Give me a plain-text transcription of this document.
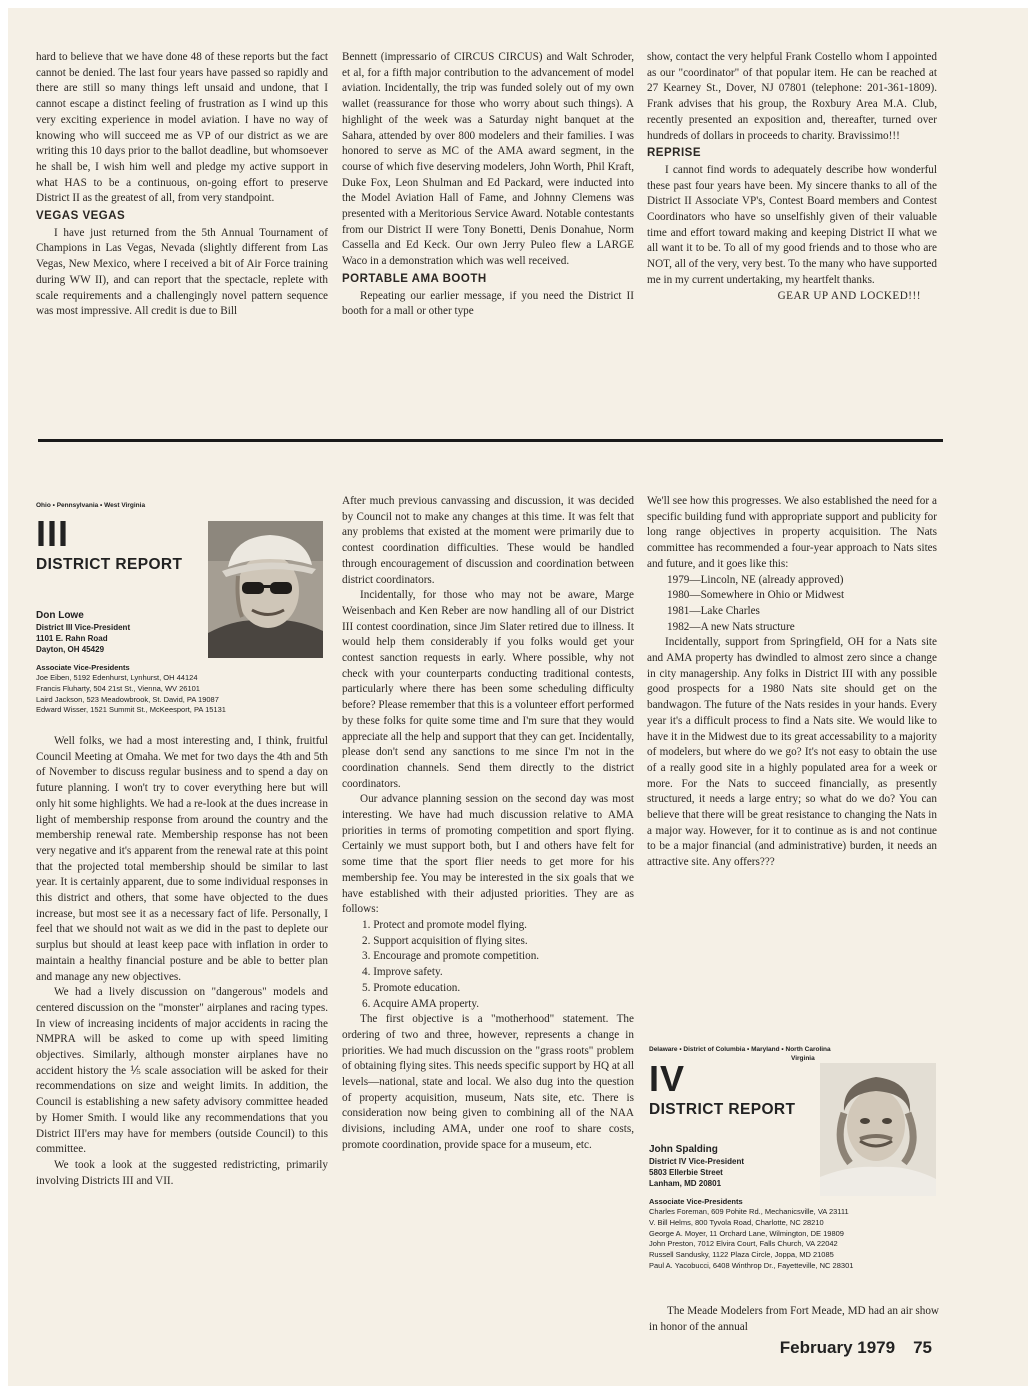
hard to believe that we have done 48 of these reports but the fact cannot be denied. The last four years have passed so rapidly and there are still so many things left unsaid and undone, that I cannot escape a distinct feeling of frustration as I wind up this very exciting experience in model aviation. I have no way of knowing who will succeed me as VP of our district as we are writing this 10 days prior to the ballot deadline, but whomsoever he shall be, I wish him well and pledge my active support in what HAS to be a continuous, on-going effort to preserve District II as the greatest of all, from very standpoint.

VEGAS VEGAS

I have just returned from the 5th Annual Tournament of Champions in Las Vegas, Nevada (slightly different from Las Vegas, New Mexico, where I received a bit of Air Force training during WW II), and can report that the spectacle, replete with scale requirements and a challengingly novel pattern sequence was most impressive. All credit is due to Bill

Bennett (impressario of CIRCUS CIRCUS) and Walt Schroder, et al, for a fifth major contribution to the advancement of model aviation. Incidentally, the trip was funded solely out of my own wallet (reassurance for those who worry about such things). A highlight of the week was a Saturday night banquet at the Sahara, attended by over 800 modelers and their families. I was honored to serve as MC of the AMA award segment, in the course of which five deserving modelers, John Worth, Phil Kraft, Duke Fox, Leon Shulman and Ed Packard, were inducted into the Model Aviation Hall of Fame, and Johnny Clemens was presented with a Meritorious Service Award. Notable contestants from our District II were Tony Bonetti, Denis Donahue, Norm Cassella and Ed Keck. Our own Jerry Puleo flew a LARGE Waco in a demonstration which was well received.

PORTABLE AMA BOOTH

Repeating our earlier message, if you need the District II booth for a mall or other type

show, contact the very helpful Frank Costello whom I appointed as our "coordinator" of that popular item. He can be reached at 27 Kearney St., Dover, NJ 07801 (telephone: 201-361-1809). Frank advises that his group, the Roxbury Area M.A. Club, recently presented an exposition and, thereafter, turned over hundreds of dollars in proceeds to charity. Bravissimo!!!

REPRISE

I cannot find words to adequately describe how wonderful these past four years have been. My sincere thanks to all of the District II Associate VP's, Contest Board members and Contest Coordinators who have so unselfishly given of their valuable time and effort toward making and keeping District II what we all want it to be. To all of my good friends and to those who are NOT, all of the very, very best. To the many who have supported me in my current undertaking, my heartfelt thanks.

GEAR UP AND LOCKED!!!

Ohio • Pennsylvania • West Virginia
III
DISTRICT REPORT
Don Lowe
District III Vice-President
1101 E. Rahn Road
Dayton, OH 45429
Associate Vice-Presidents
Joe Eiben, 5192 Edenhurst, Lynhurst, OH 44124
Francis Fluharty, 504 21st St., Vienna, WV 26101
Laird Jackson, 523 Meadowbrook, St. David, PA 19087
Edward Wisser, 1521 Summit St., McKeesport, PA 15131

Well folks, we had a most interesting and, I think, fruitful Council Meeting at Omaha. We met for two days the 4th and 5th of November to discuss regular business and to spend a day on future planning. I won't try to cover everything here but will only hit some highlights. We had a re-look at the dues increase in light of membership response from around the country and the membership renewal rate. Membership response has not been very negative and it's apparent from the renewal rate at this point that the projected total membership should be similar to last year. It is certainly apparent, due to some individual responses in this district and others, that some have objected to the dues increase, but most see it as a necessary fact of life. Personally, I feel that we should not wait as we did in the past to deplete our surplus but should at least keep pace with inflation in order to maintain a healthy financial posture and be able to better plan and manage any new objectives.

We had a lively discussion on "dangerous" models and centered discussion on the "monster" airplanes and racing types. In view of increasing incidents of major accidents in racing the NMPRA will be asked to come up with speed limiting objectives. Similarly, although monster airplanes have no accident history the ⅕ scale association will be asked for their recommendations on size and weight limits. In addition, the Council is establishing a new safety advisory committee headed by Homer Smith. I would like any recommendations that you District III'ers may have for members (outside Council) to this committee.

We took a look at the suggested redistricting, primarily involving Districts III and VII.

After much previous canvassing and discussion, it was decided by Council not to make any changes at this time. It was felt that any problems that existed at the moment were primarily due to contest coordination difficulties. These would be handled through encouragement of discussion and coordination between district coordinators.

Incidentally, for those who may not be aware, Marge Weisenbach and Ken Reber are now handling all of our District III contest coordination, since Jim Slater retired due to illness. It would help them considerably if you folks would get your contest sanction requests in early. Where possible, why not check with your counterparts conducting traditional contests, particularly where there has been some scheduling difficulty before? Please remember that this is a volunteer effort performed by these folks for quite some time and I'm sure that they would appreciate all the help and support that they can get. Incidentally, please don't send any sanctions to me since I'm not in the coordination channels. Send them directly to the district coordinators.

Our advance planning session on the second day was most interesting. We have had much discussion relative to AMA priorities in terms of promoting competition and sport flying. Certainly we must support both, but I and others have felt for some time that the sport flier needs to get more for his membership fee. You may be interested in the six goals that we have established with their adjusted priorities. They are as follows:

1. Protect and promote model flying.

2. Support acquisition of flying sites.

3. Encourage and promote competition.

4. Improve safety.

5. Promote education.

6. Acquire AMA property.

The first objective is a "motherhood" statement. The ordering of two and three, however, represents a change in priorities. We had much discussion on the "grass roots" problem of obtaining flying sites. This needs specific support by HQ at all levels—national, state and local. We also dug into the question of property acquisition, museum, Nats site, etc. There is consideration now being given to combining all of the NAA divisions, including AMA, under one roof to share costs, promote coordination, provide space for a museum, etc.

We'll see how this progresses. We also established the need for a specific building fund with appropriate support and publicity for long range objectives in property acquisition. The Nats committee has recommended a four-year approach to Nats sites and future, and it goes like this:

1979—Lincoln, NE (already approved)

1980—Somewhere in Ohio or Midwest

1981—Lake Charles

1982—A new Nats structure

Incidentally, support from Springfield, OH for a Nats site and AMA property has dwindled to almost zero since a change in city managership. Any folks in District III with any possible good prospects for a 1980 Nats site should get on the bandwagon. The future of the Nats resides in your hands. Every year it's a difficult process to find a Nats site. We would like to have it in the Midwest due to its great accessability to a majority of modelers, but where do we go? It's not easy to obtain the use of a really good site in a highly populated area for a week or more. For the Nats to succeed financially, as presently structured, it needs a large entry; so what do we do? You can believe that there will be great resistance to changing the Nats in a major way. However, for it to continue as is and not continue to be a major financial (and administrative) burden, it needs an attractive site. Any offers???

Delaware • District of Columbia • Maryland • North Carolina
Virginia
IV
DISTRICT REPORT
John Spalding
District IV Vice-President
5803 Ellerbie Street
Lanham, MD 20801
Associate Vice-Presidents
Charles Foreman, 609 Pohite Rd., Mechanicsville, VA 23111
V. Bill Helms, 800 Tyvola Road, Charlotte, NC 28210
George A. Moyer, 11 Orchard Lane, Wilmington, DE 19809
John Preston, 7012 Elvira Court, Falls Church, VA 22042
Russell Sandusky, 1122 Plaza Circle, Joppa, MD 21085
Paul A. Yacobucci, 6408 Winthrop Dr., Fayetteville, NC 28301

The Meade Modelers from Fort Meade, MD had an air show in honor of the annual

February 1979 75
